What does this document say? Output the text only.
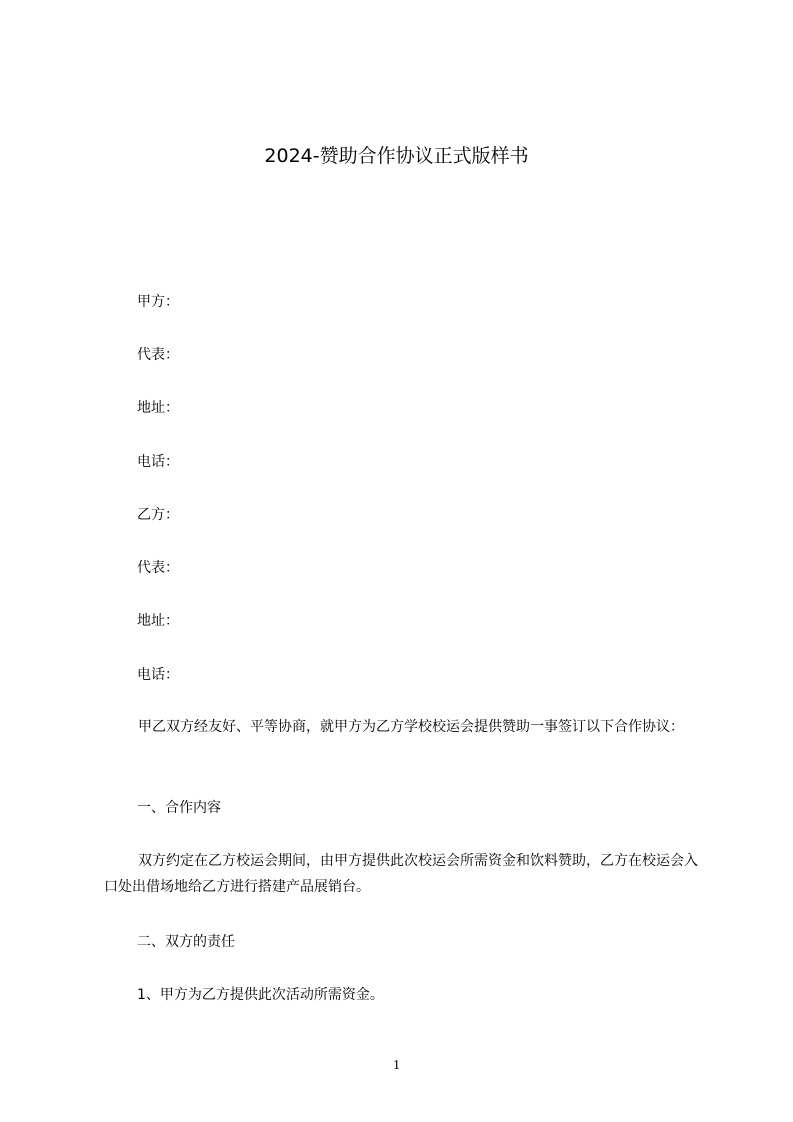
2024-赞助合作协议正式版样书
甲方：
代表：
地址：
电话：
乙方：
代表：
地址：
电话：
甲乙双方经友好、平等协商，就甲方为乙方学校校运会提供赞助一事签订以下合作协议：
一、合作内容
双方约定在乙方校运会期间，由甲方提供此次校运会所需资金和饮料赞助，乙方在校运会入口处出借场地给乙方进行搭建产品展销台。
二、双方的责任
1、甲方为乙方提供此次活动所需资金。
1
